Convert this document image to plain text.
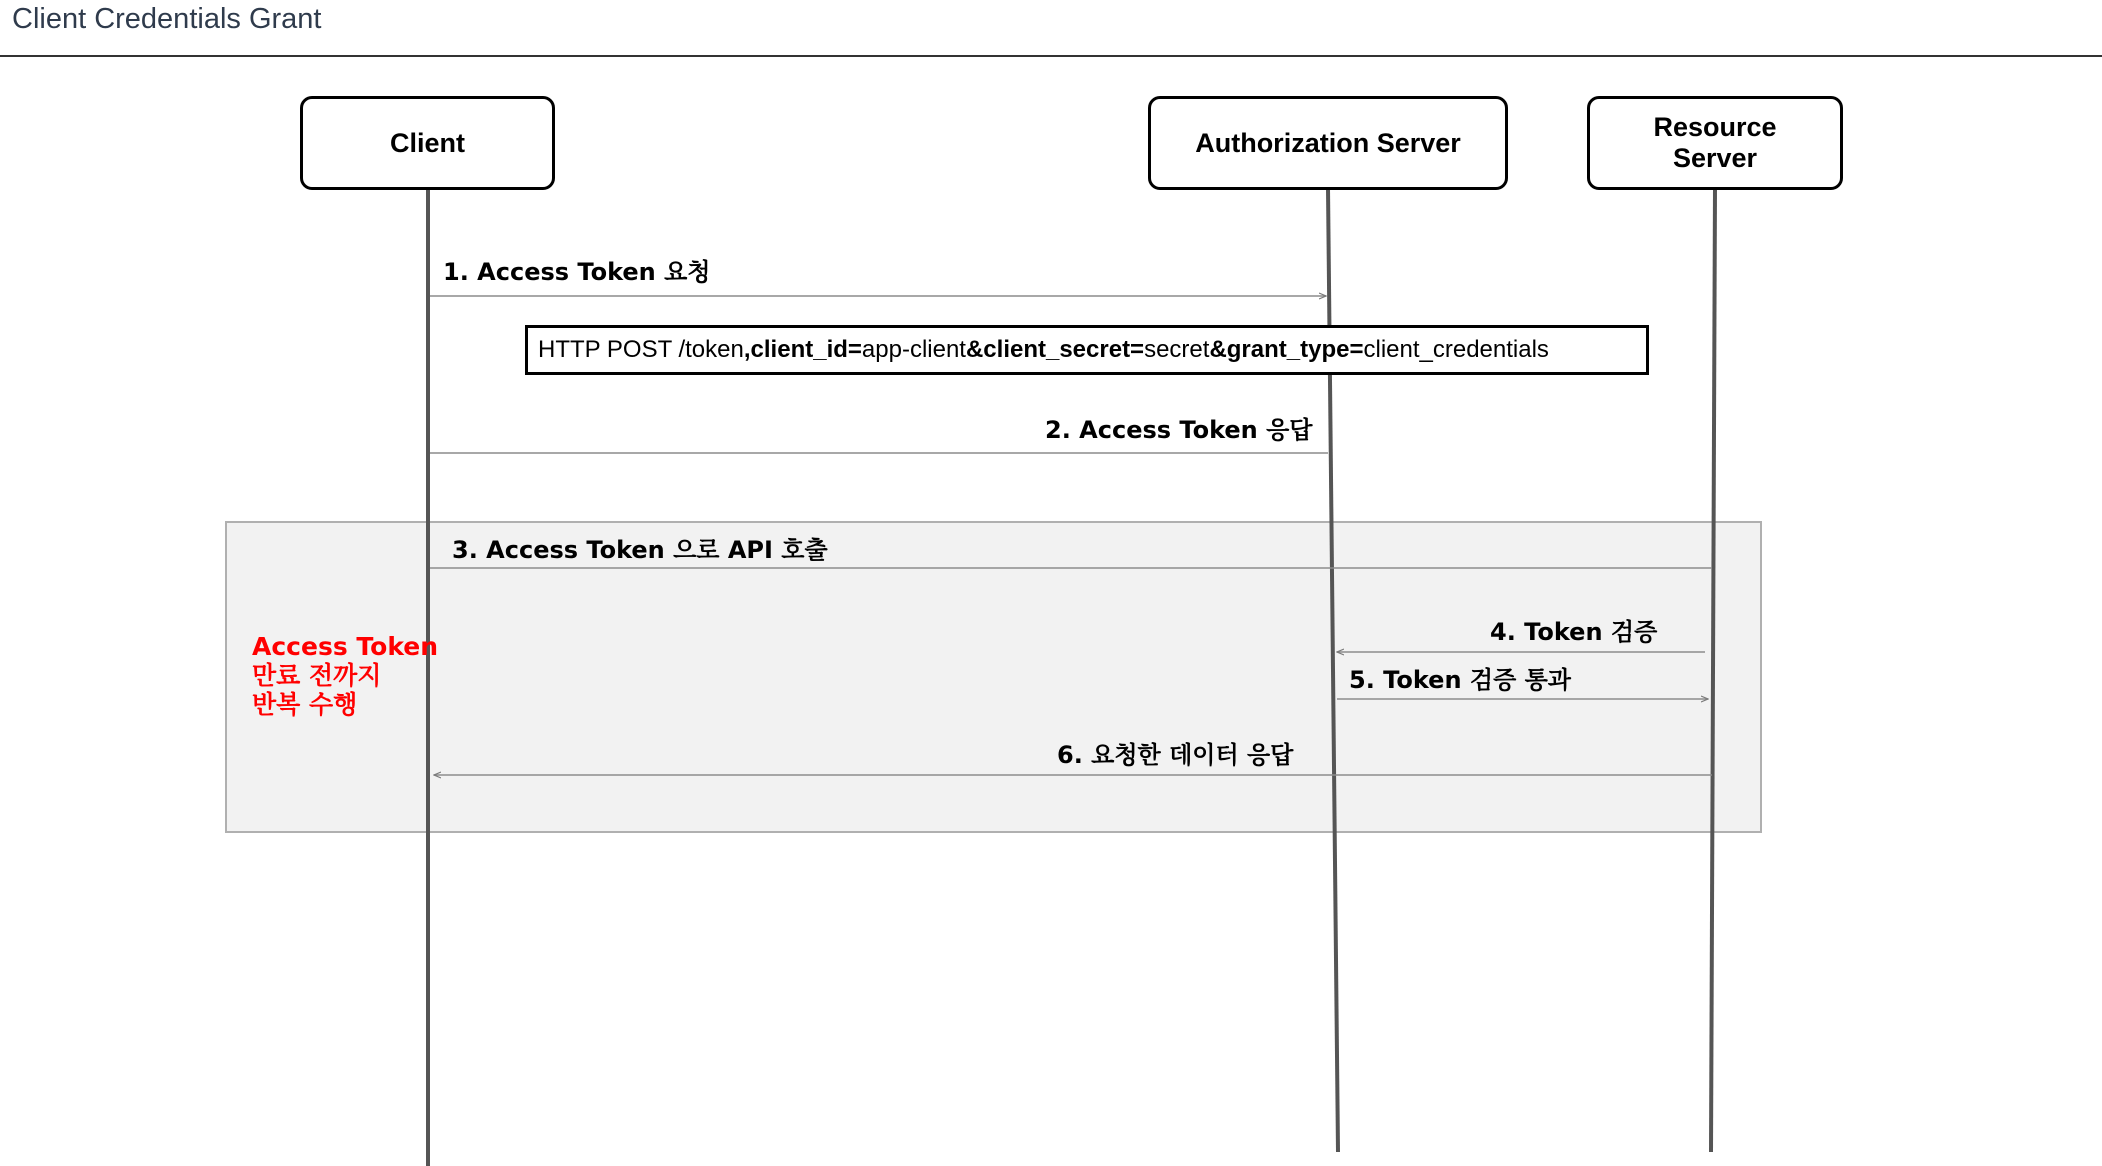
Client Credentials Grant
Client	Authorization Server
Resource
Server
1. Access Token 요청
HTTP POST /token , client_id= app-client &client_secret= secret &grant_type= client_credentials
2. Access Token 응답
3. Access Token 으로 API 호출
4. Token 검증
5. Token 검증 통과
6. 요청한 데이터 응답
Access Token
만료 전까지
반복 수행
